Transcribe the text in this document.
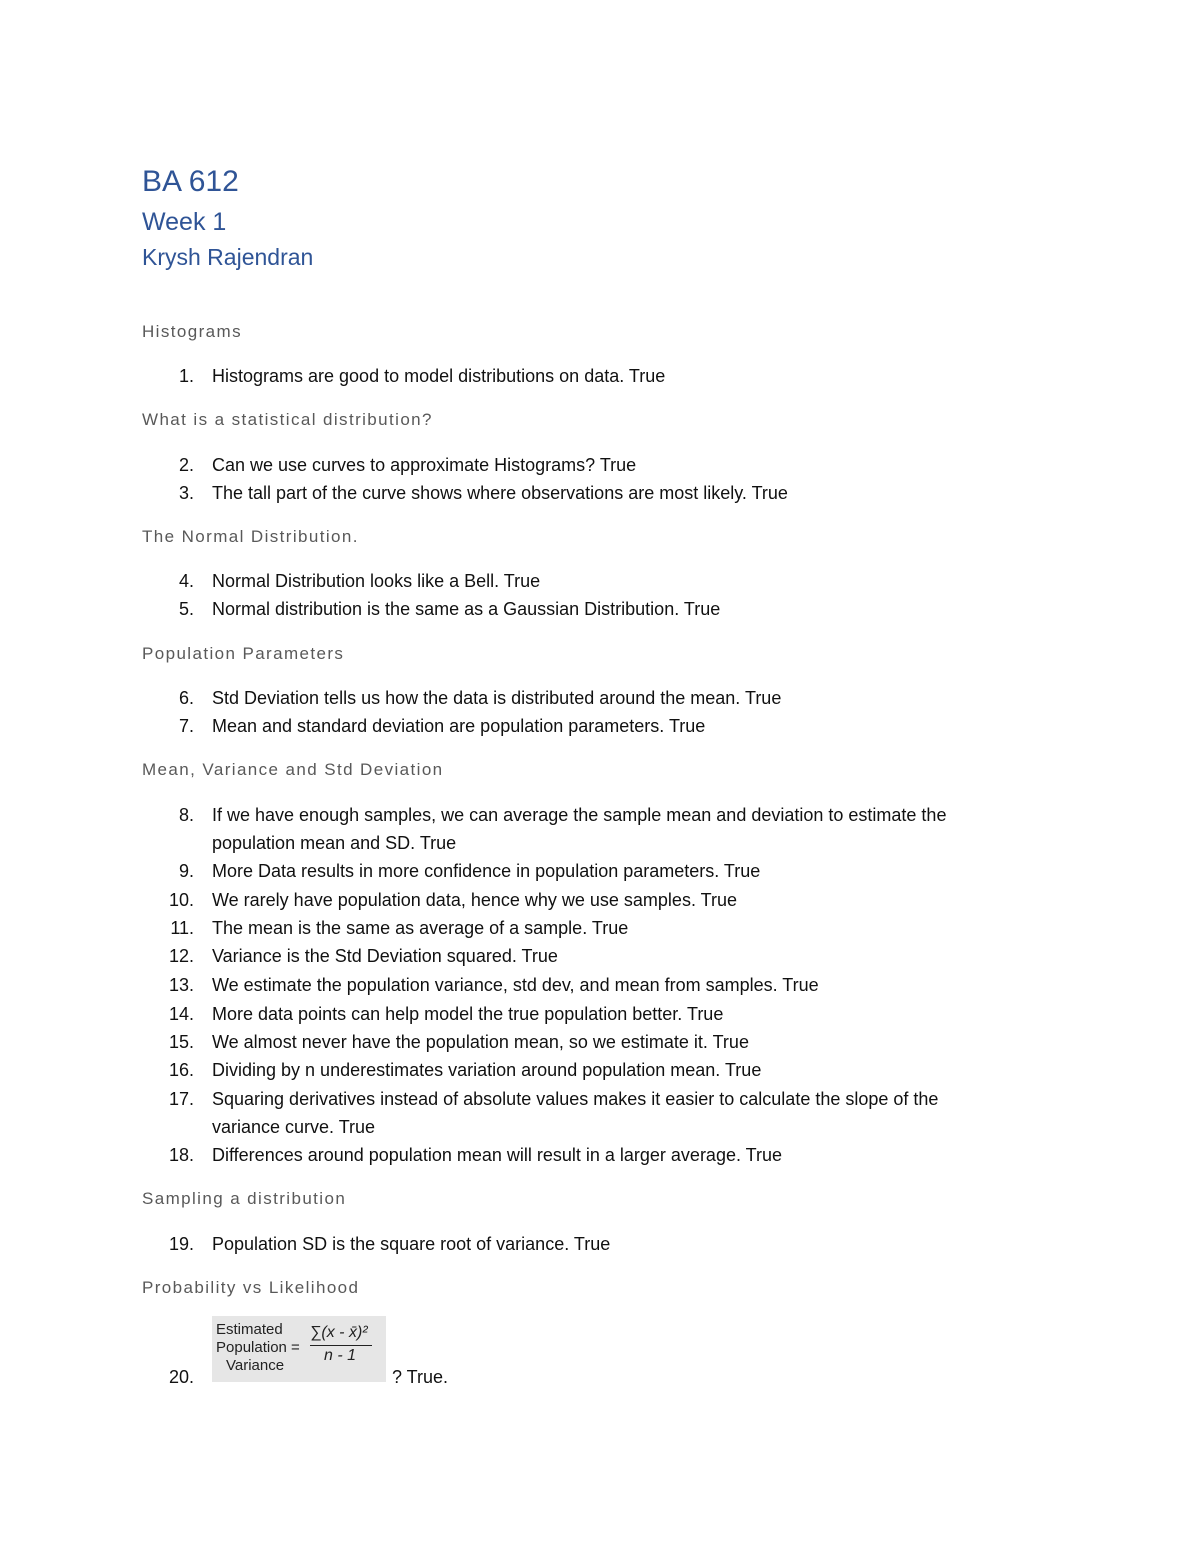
BA 612
Week 1
Krysh Rajendran
Histograms
What is a statistical distribution?
The Normal Distribution.
Population Parameters
Mean, Variance and Std Deviation
Sampling a distribution
Probability vs Likelihood
1. Histograms are good to model distributions on data. True
2. Can we use curves to approximate Histograms? True
3. The tall part of the curve shows where observations are most likely. True
4. Normal Distribution looks like a Bell. True
5. Normal distribution is the same as a Gaussian Distribution. True
6. Std Deviation tells us how the data is distributed around the mean. True
7. Mean and standard deviation are population parameters. True
8. If we have enough samples, we can average the sample mean and deviation to estimate the
population mean and SD. True
9. More Data results in more confidence in population parameters. True
10. We rarely have population data, hence why we use samples. True
11. The mean is the same as average of a sample. True
12. Variance is the Std Deviation squared. True
13. We estimate the population variance, std dev, and mean from samples. True
14. More data points can help model the true population better. True
15. We almost never have the population mean, so we estimate it. True
16. Dividing by n underestimates variation around population mean. True
17. Squaring derivatives instead of absolute values makes it easier to calculate the slope of the
variance curve. True
18. Differences around population mean will result in a larger average. True
19. Population SD is the square root of variance. True
Estimated
Population =
Variance
∑(x - x̄)²
n - 1
20.	? True.
